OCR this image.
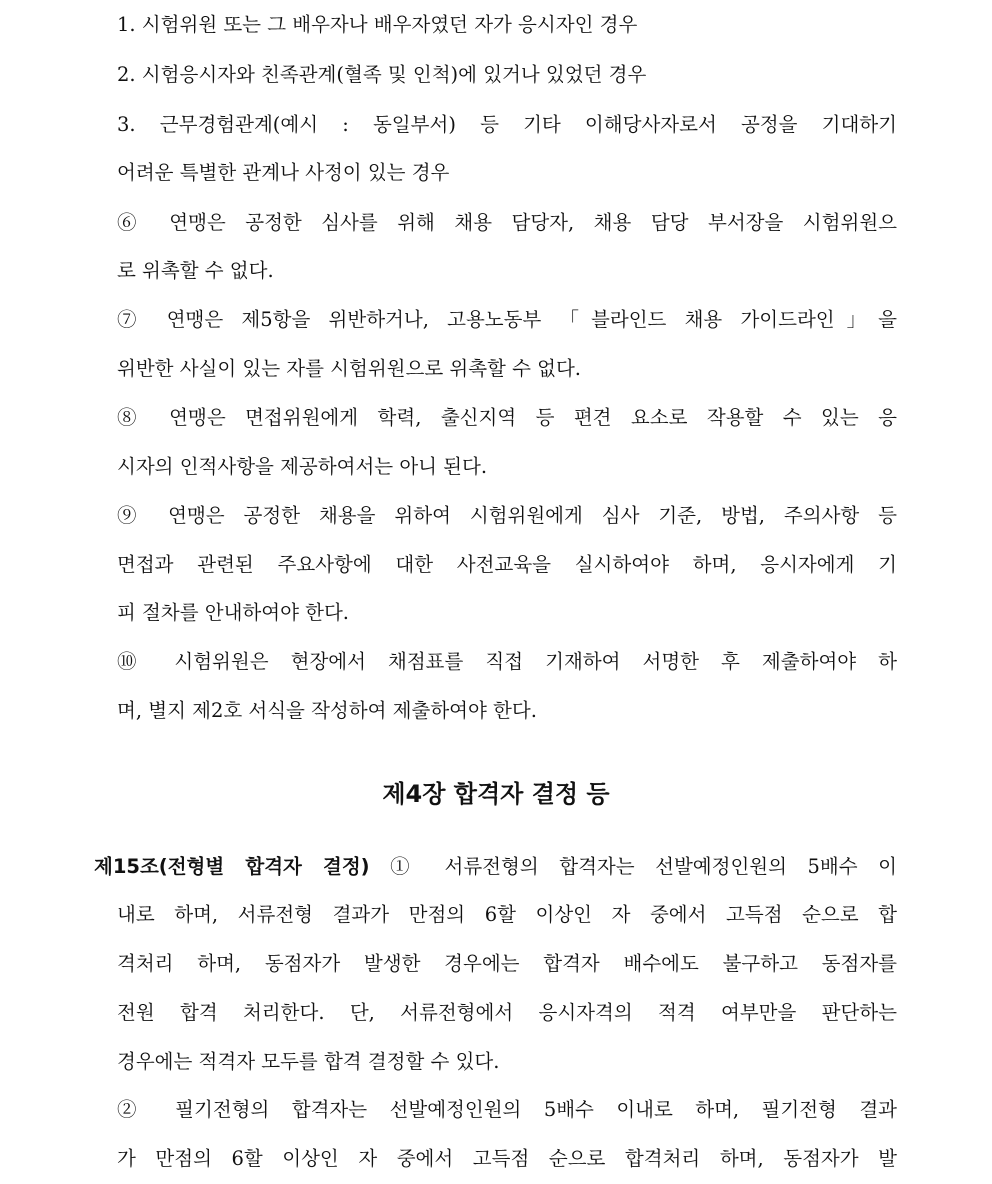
1. 시험위원 또는 그 배우자나 배우자였던 자가 응시자인 경우
2. 시험응시자와 친족관계(혈족 및 인척)에 있거나 있었던 경우
3. 근무경험관계(예시 : 동일부서) 등 기타 이해당사자로서 공정을 기대하기
어려운 특별한 관계나 사정이 있는 경우
⑥ 연맹은 공정한 심사를 위해 채용 담당자, 채용 담당 부서장을 시험위원으
로 위촉할 수 없다.
⑦ 연맹은 제5항을 위반하거나, 고용노동부 「블라인드 채용 가이드라인」을
위반한 사실이 있는 자를 시험위원으로 위촉할 수 없다.
⑧ 연맹은 면접위원에게 학력, 출신지역 등 편견 요소로 작용할 수 있는 응
시자의 인적사항을 제공하여서는 아니 된다.
⑨ 연맹은 공정한 채용을 위하여 시험위원에게 심사 기준, 방법, 주의사항 등
면접과 관련된 주요사항에 대한 사전교육을 실시하여야 하며, 응시자에게 기
피 절차를 안내하여야 한다.
⑩ 시험위원은 현장에서 채점표를 직접 기재하여 서명한 후 제출하여야 하
며, 별지 제2호 서식을 작성하여 제출하여야 한다.
제4장 합격자 결정 등
제15조(전형별 합격자 결정) ① 서류전형의 합격자는 선발예정인원의 5배수 이
내로 하며, 서류전형 결과가 만점의 6할 이상인 자 중에서 고득점 순으로 합
격처리 하며, 동점자가 발생한 경우에는 합격자 배수에도 불구하고 동점자를
전원 합격 처리한다. 단, 서류전형에서 응시자격의 적격 여부만을 판단하는
경우에는 적격자 모두를 합격 결정할 수 있다.
② 필기전형의 합격자는 선발예정인원의 5배수 이내로 하며, 필기전형 결과
가 만점의 6할 이상인 자 중에서 고득점 순으로 합격처리 하며, 동점자가 발
